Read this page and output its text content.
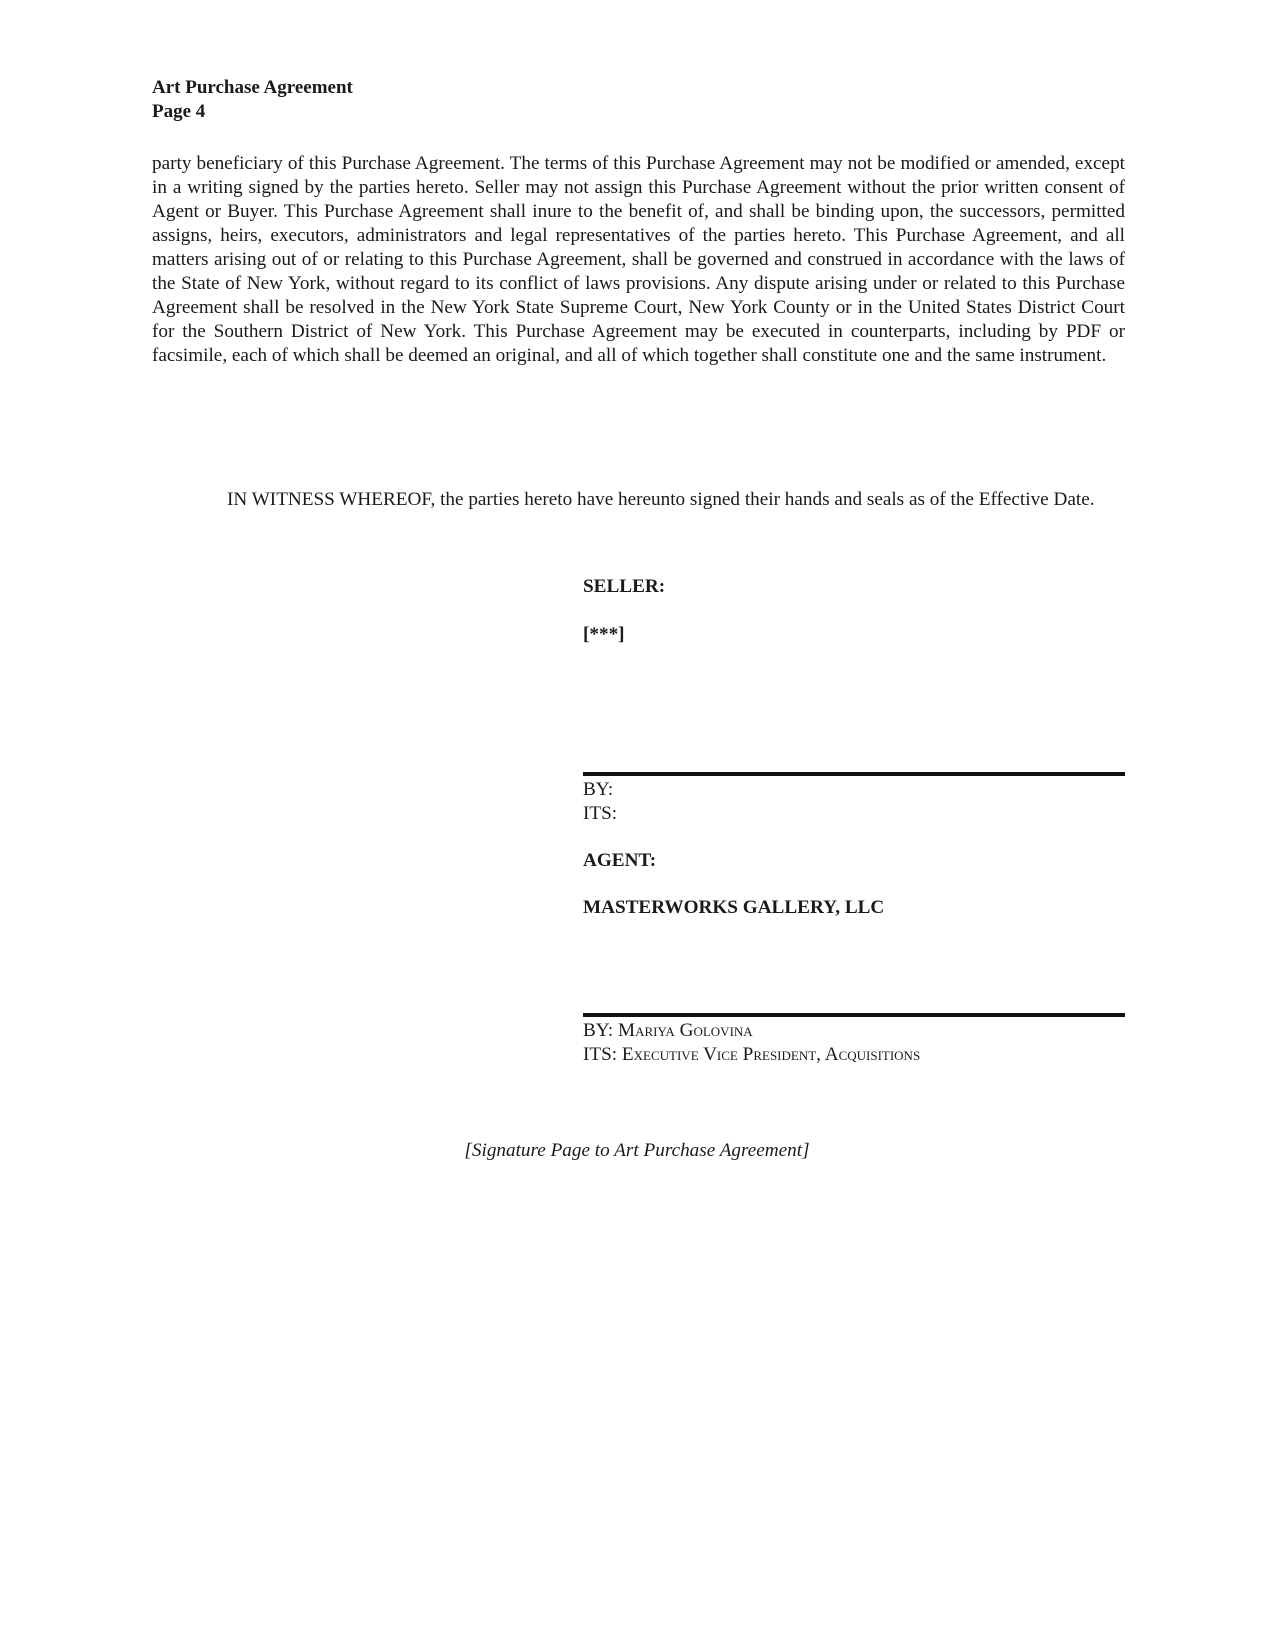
Art Purchase Agreement
Page 4
party beneficiary of this Purchase Agreement. The terms of this Purchase Agreement may not be modified or amended, except in a writing signed by the parties hereto. Seller may not assign this Purchase Agreement without the prior written consent of Agent or Buyer. This Purchase Agreement shall inure to the benefit of, and shall be binding upon, the successors, permitted assigns, heirs, executors, administrators and legal representatives of the parties hereto. This Purchase Agreement, and all matters arising out of or relating to this Purchase Agreement, shall be governed and construed in accordance with the laws of the State of New York, without regard to its conflict of laws provisions. Any dispute arising under or related to this Purchase Agreement shall be resolved in the New York State Supreme Court, New York County or in the United States District Court for the Southern District of New York. This Purchase Agreement may be executed in counterparts, including by PDF or facsimile, each of which shall be deemed an original, and all of which together shall constitute one and the same instrument.
IN WITNESS WHEREOF, the parties hereto have hereunto signed their hands and seals as of the Effective Date.
SELLER:
[***]
BY:
ITS:
AGENT:
MASTERWORKS GALLERY, LLC
BY: Mariya Golovina
ITS: Executive Vice President, Acquisitions
[Signature Page to Art Purchase Agreement]
